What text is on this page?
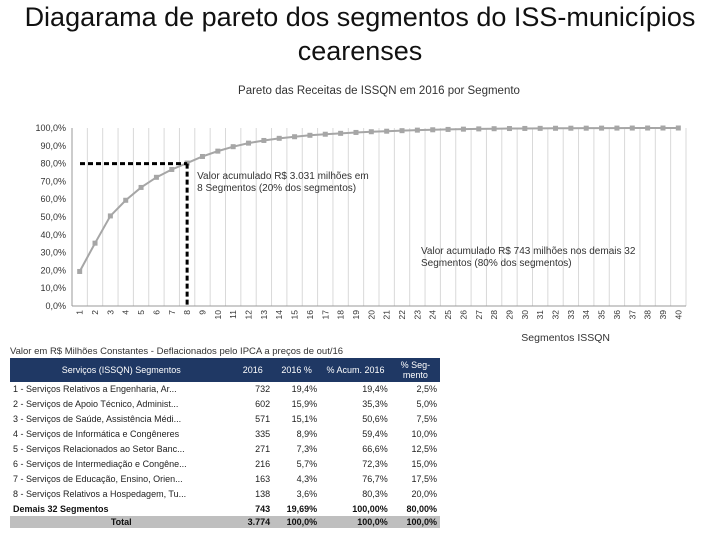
Diagarama de pareto dos segmentos do ISS-municípios
cearenses
0,0%
10,0%
20,0%
30,0%
40,0%
50,0%
60,0%
70,0%
80,0%
90,0%
100,0%
1 2 3 4 5 6 7 8 9 10 11 12 13 14 15 16 17 18 19 20 21 22 23 24 25 26 27 28 29 30 31 32 33 34 35 36 37 38 39 40
Pareto das Receitas de ISSQN em 2016 por Segmento
Segmentos ISSQN
Valor acumulado R$ 3.031 milhões em
8 Segmentos (20% dos segmentos)
Valor acumulado R$ 743 milhões nos demais 32
Segmentos (80% dos segmentos)
Valor em R$ Milhões Constantes - Deflacionados pelo IPCA a preços de out/16
Serviços (ISSQN) Segmentos	2016	2016 %	% Acum. 2016	% Seg-mento
1 - Serviços Relativos a Engenharia, Ar...	732	19,4%	19,4%	2,5%
2 - Serviços de Apoio Técnico, Administ...	602	15,9%	35,3%	5,0%
3 - Serviços de Saúde, Assistência Médi...	571	15,1%	50,6%	7,5%
4 - Serviços de Informática e Congêneres	335	8,9%	59,4%	10,0%
5 - Serviços Relacionados ao Setor Banc...	271	7,3%	66,6%	12,5%
6 - Serviços de Intermediação e Congêne...	216	5,7%	72,3%	15,0%
7 - Serviços de Educação, Ensino, Orien...	163	4,3%	76,7%	17,5%
8 - Serviços Relativos a Hospedagem, Tu...	138	3,6%	80,3%	20,0%
Demais 32 Segmentos	743	19,69%	100,00%	80,00%
Total	3.774	100,0%	100,0%	100,0%
